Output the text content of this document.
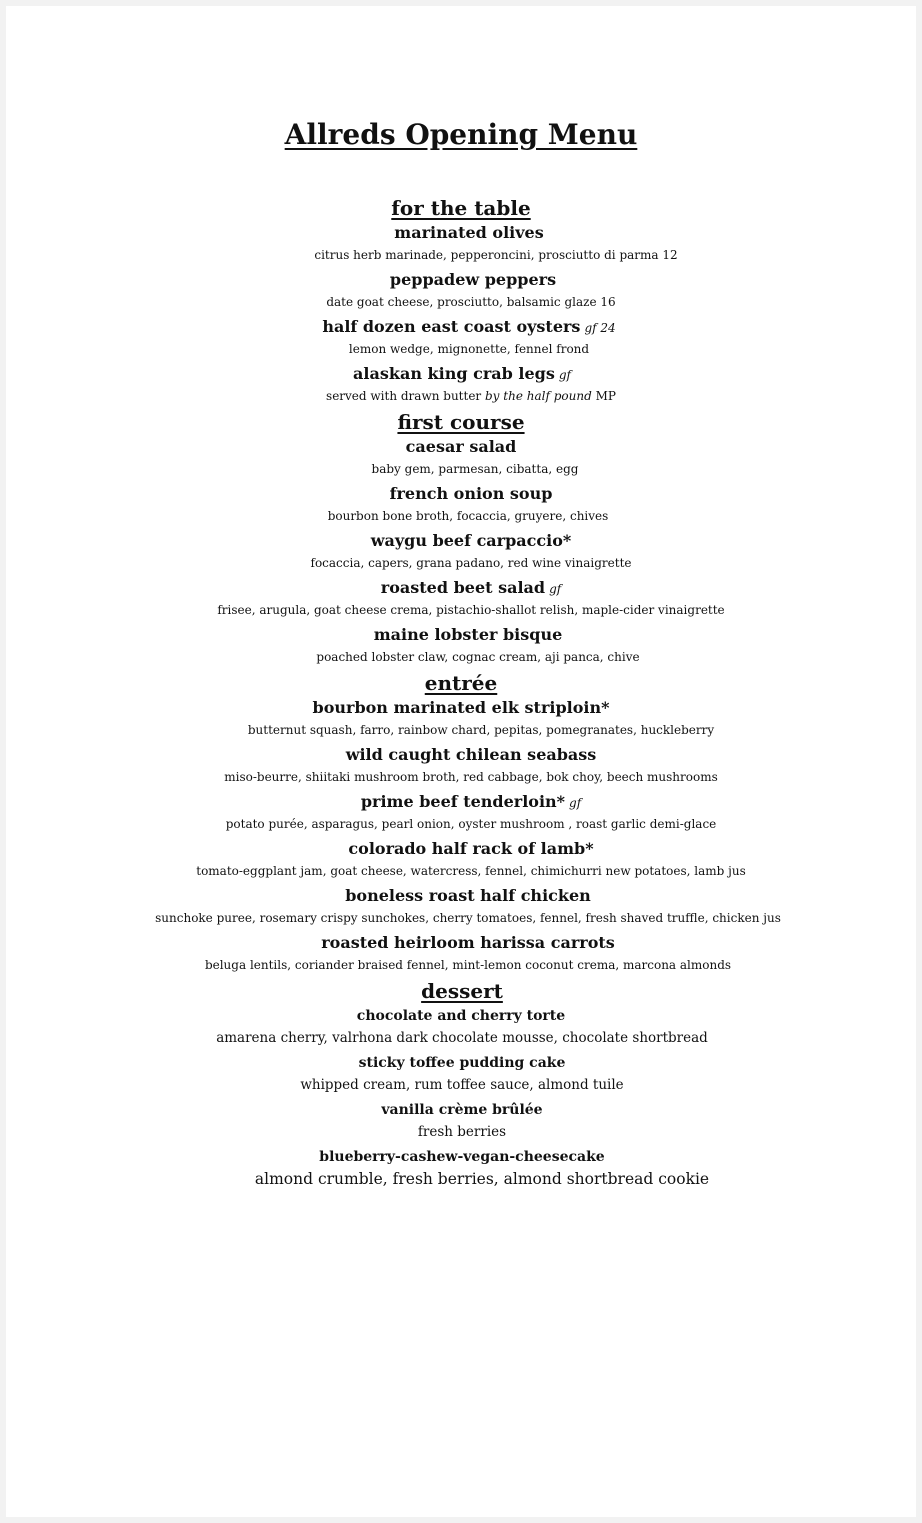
Allreds Opening Menu
for the table
marinated olives
citrus herb marinade, pepperoncini, prosciutto di parma 12
peppadew peppers
date goat cheese, prosciutto, balsamic glaze 16
half dozen east coast oysters gf 24
lemon wedge, mignonette, fennel frond
alaskan king crab legs gf
served with drawn butter by the half pound MP
first course
caesar salad
baby gem, parmesan, cibatta, egg
french onion soup
bourbon bone broth, focaccia, gruyere, chives
waygu beef carpaccio*
focaccia, capers, grana padano, red wine vinaigrette
roasted beet salad gf
frisee, arugula, goat cheese crema, pistachio-shallot relish, maple-cider vinaigrette
maine lobster bisque
poached lobster claw, cognac cream, aji panca, chive
entrée
bourbon marinated elk striploin*
butternut squash, farro, rainbow chard, pepitas, pomegranates, huckleberry
wild caught chilean seabass
miso-beurre, shiitaki mushroom broth, red cabbage, bok choy, beech mushrooms
prime beef tenderloin* gf
potato purée, asparagus, pearl onion, oyster mushroom , roast garlic demi-glace
colorado half rack of lamb*
tomato-eggplant jam, goat cheese, watercress, fennel, chimichurri new potatoes, lamb jus
boneless roast half chicken
sunchoke puree, rosemary crispy sunchokes, cherry tomatoes, fennel, fresh shaved truffle, chicken jus
roasted heirloom harissa carrots
beluga lentils, coriander braised fennel, mint-lemon coconut crema, marcona almonds
dessert
chocolate and cherry torte
amarena cherry, valrhona dark chocolate mousse, chocolate shortbread
sticky toffee pudding cake
whipped cream, rum toffee sauce, almond tuile
vanilla crème brûlée
fresh berries
blueberry-cashew-vegan-cheesecake
almond crumble, fresh berries, almond shortbread cookie
